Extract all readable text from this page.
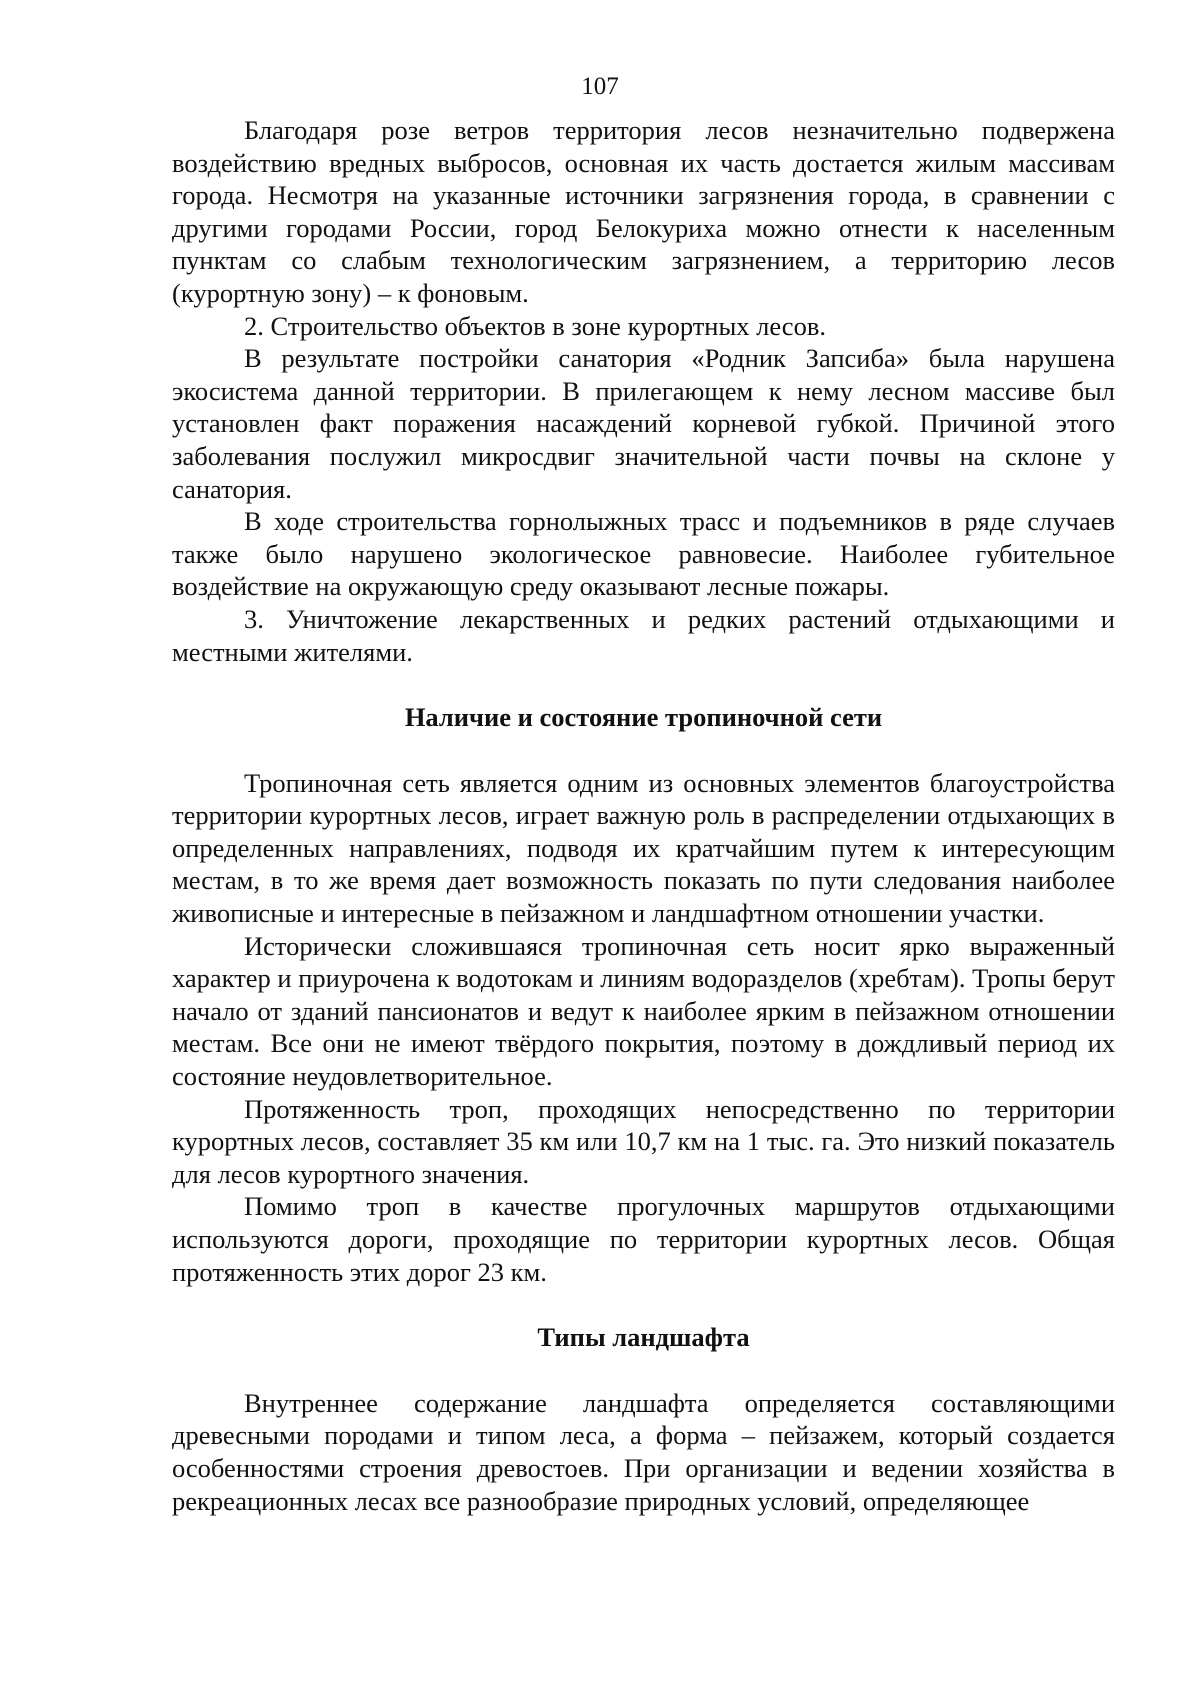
107

Благодаря розе ветров территория лесов незначительно подвержена воздействию вредных выбросов, основная их часть достается жилым массивам города. Несмотря на указанные источники загрязнения города, в сравнении с другими городами России, город Белокуриха можно отнести к населенным пунктам со слабым технологическим загрязнением, а территорию лесов (курортную зону) – к фоновым.

2. Строительство объектов в зоне курортных лесов.

В результате постройки санатория «Родник Запсиба» была нарушена экосистема данной территории. В прилегающем к нему лесном массиве был установлен факт поражения насаждений корневой губкой. Причиной этого заболевания послужил микросдвиг значительной части почвы на склоне у санатория.

В ходе строительства горнолыжных трасс и подъемников в ряде случаев также было нарушено экологическое равновесие. Наиболее губительное воздействие на окружающую среду оказывают лесные пожары.

3. Уничтожение лекарственных и редких растений отдыхающими и местными жителями.

Наличие и состояние тропиночной сети

Тропиночная сеть является одним из основных элементов благоустройства территории курортных лесов, играет важную роль в распределении отдыхающих в определенных направлениях, подводя их кратчайшим путем к интересующим местам, в то же время дает возможность показать по пути следования наиболее живописные и интересные в пейзажном и ландшафтном отношении участки.

Исторически сложившаяся тропиночная сеть носит ярко выраженный характер и приурочена к водотокам и линиям водоразделов (хребтам). Тропы берут начало от зданий пансионатов и ведут к наиболее ярким в пейзажном отношении местам. Все они не имеют твёрдого покрытия, поэтому в дождливый период их состояние неудовлетворительное.

Протяженность троп, проходящих непосредственно по территории курортных лесов, составляет 35 км или 10,7 км на 1 тыс. га. Это низкий показатель для лесов курортного значения.

Помимо троп в качестве прогулочных маршрутов отдыхающими используются дороги, проходящие по территории курортных лесов. Общая протяженность этих дорог 23 км.

Типы ландшафта

Внутреннее содержание ландшафта определяется составляющими древесными породами и типом леса, а форма – пейзажем, который создается особенностями строения древостоев. При организации и ведении хозяйства в рекреационных лесах все разнообразие природных условий, определяющее
